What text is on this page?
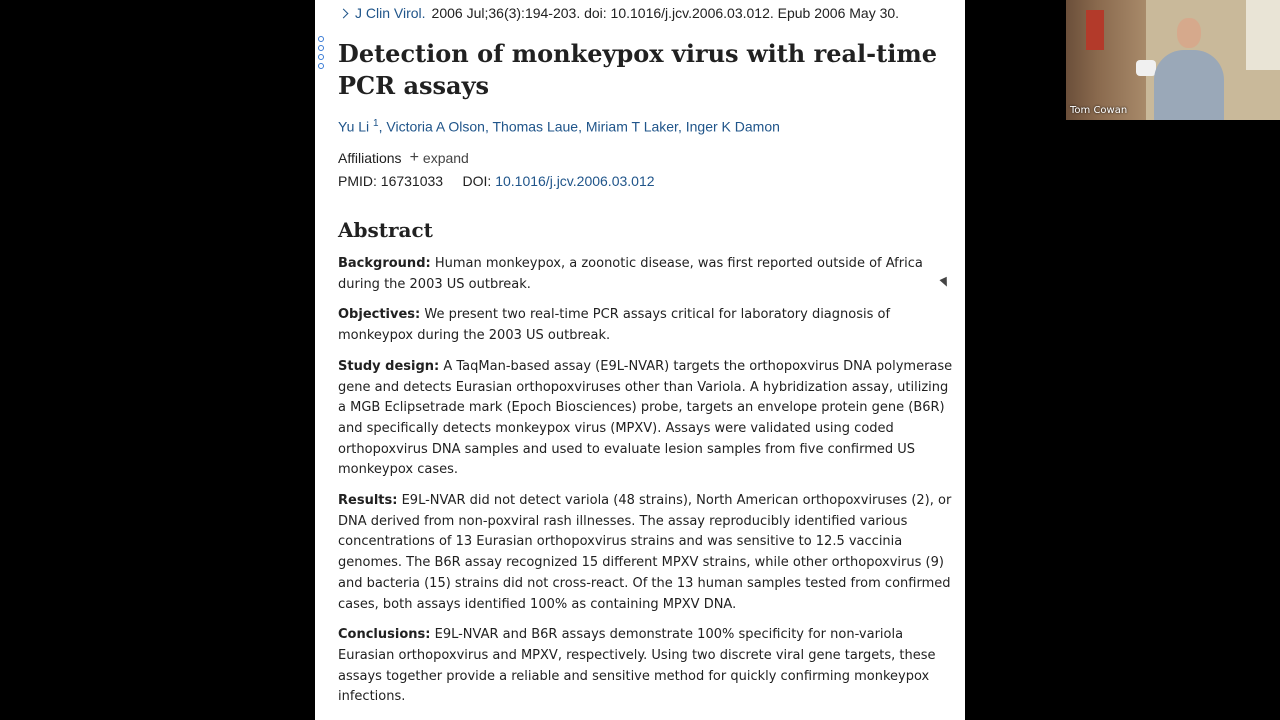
J Clin Virol. 2006 Jul;36(3):194-203. doi: 10.1016/j.jcv.2006.03.012. Epub 2006 May 30.
Detection of monkeypox virus with real-time PCR assays
Yu Li $^1$, Victoria A Olson, Thomas Laue, Miriam T Laker, Inger K Damon
Affiliations + expand
PMID: 16731033 DOI: 10.1016/j.jcv.2006.03.012
Abstract

Background: Human monkeypox, a zoonotic disease, was first reported outside of Africa during the 2003 US outbreak.

Objectives: We present two real-time PCR assays critical for laboratory diagnosis of monkeypox during the 2003 US outbreak.

Study design: A TaqMan-based assay (E9L-NVAR) targets the orthopoxvirus DNA polymerase gene and detects Eurasian orthopoxviruses other than Variola. A hybridization assay, utilizing a MGB Eclipsetrade mark (Epoch Biosciences) probe, targets an envelope protein gene (B6R) and specifically detects monkeypox virus (MPXV). Assays were validated using coded orthopoxvirus DNA samples and used to evaluate lesion samples from five confirmed US monkeypox cases.

Results: E9L-NVAR did not detect variola (48 strains), North American orthopoxviruses (2), or DNA derived from non-poxviral rash illnesses. The assay reproducibly identified various concentrations of 13 Eurasian orthopoxvirus strains and was sensitive to 12.5 vaccinia genomes. The B6R assay recognized 15 different MPXV strains, while other orthopoxvirus (9) and bacteria (15) strains did not cross-react. Of the 13 human samples tested from confirmed cases, both assays identified 100% as containing MPXV DNA.

Conclusions: E9L-NVAR and B6R assays demonstrate 100% specificity for non-variola Eurasian orthopoxvirus and MPXV, respectively. Using two discrete viral gene targets, these assays together provide a reliable and sensitive method for quickly confirming monkeypox infections.

Tom Cowan
